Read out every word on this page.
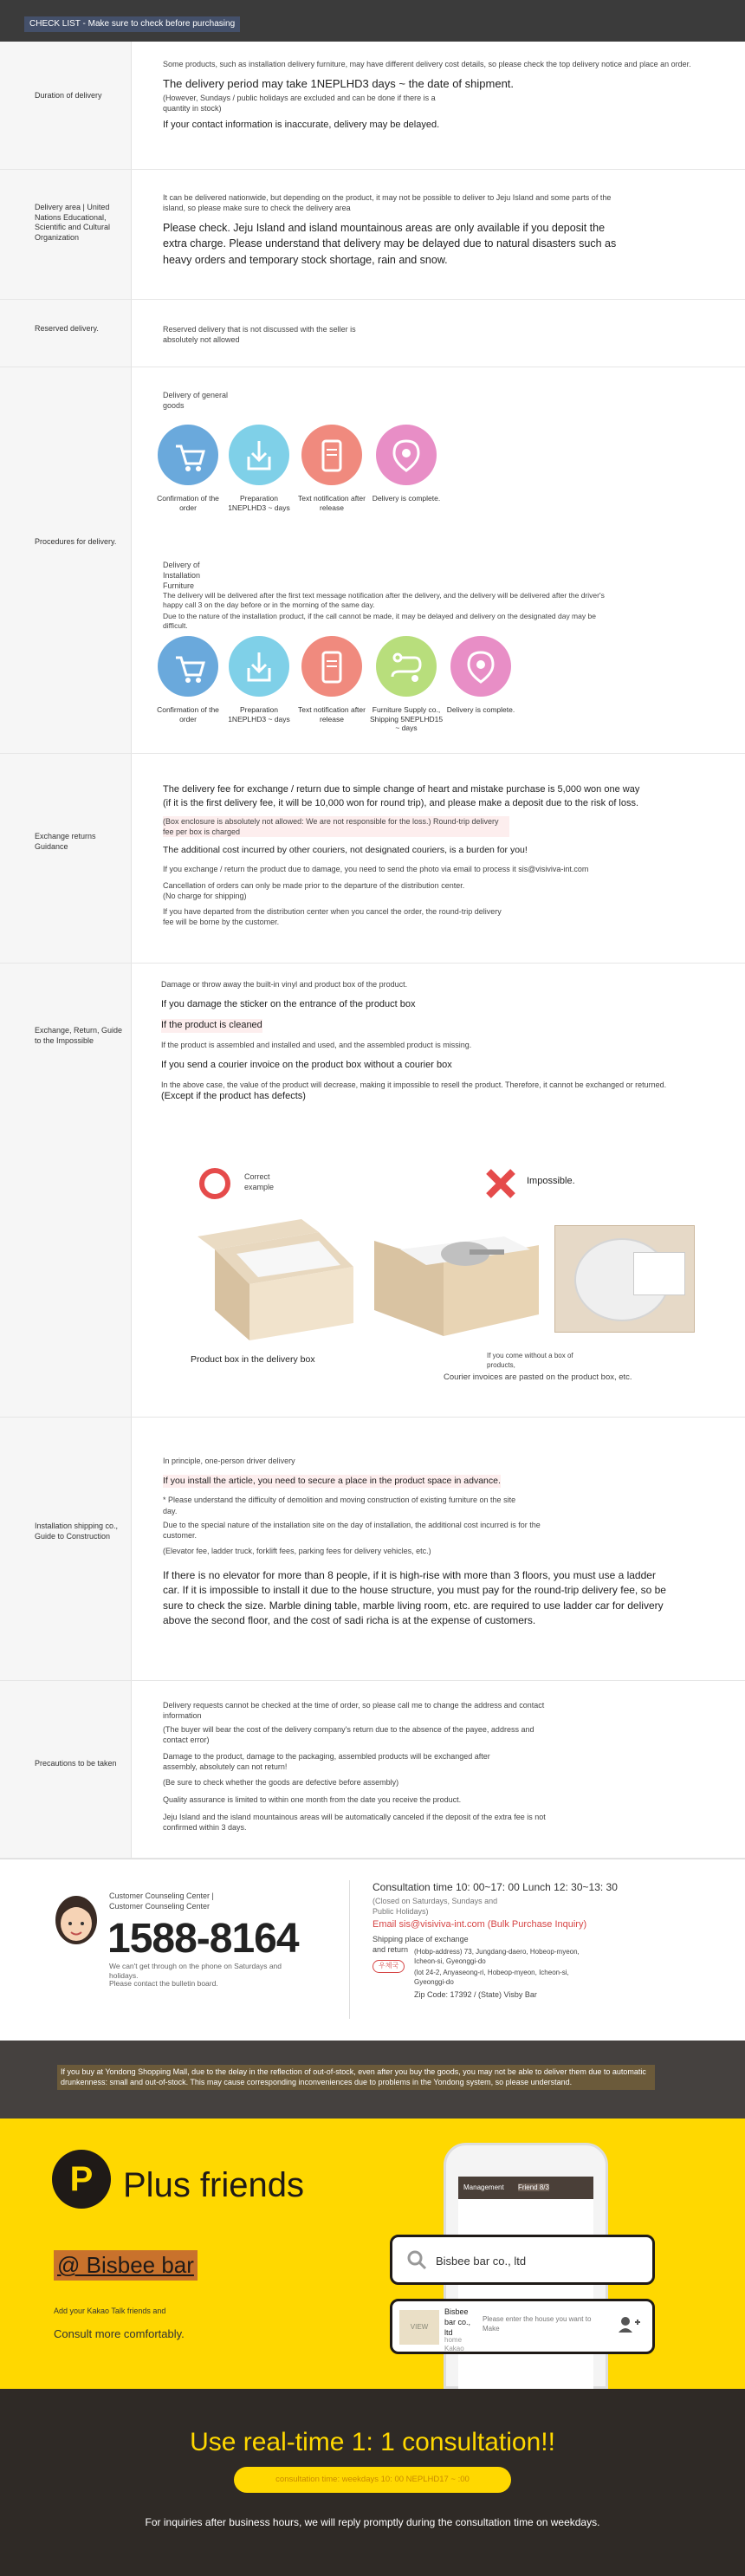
CHECK LIST - Make sure to check before purchasing
Duration of delivery
Some products, such as installation delivery furniture, may have different delivery cost details, so please check the top delivery notice and place an order.
The delivery period may take 1NEPLHD3 days ~ the date of shipment.
(However, Sundays / public holidays are excluded and can be done if there is a quantity in stock)
If your contact information is inaccurate, delivery may be delayed.
Delivery area | United Nations Educational, Scientific and Cultural Organization
It can be delivered nationwide, but depending on the product, it may not be possible to deliver to Jeju Island and some parts of the island, so please make sure to check the delivery area
Please check. Jeju Island and island mountainous areas are only available if you deposit the extra charge. Please understand that delivery may be delayed due to natural disasters such as heavy orders and temporary stock shortage, rain and snow.
Reserved delivery.	Reserved delivery that is not discussed with the seller is absolutely not allowed
Procedures for delivery.
Delivery of general goods
Delivery of Installation Furniture
The delivery will be delivered after the first text message notification after the delivery, and the delivery will be delivered after the driver's happy call 3 on the day before or in the morning of the same day.
Due to the nature of the installation product, if the call cannot be made, it may be delayed and delivery on the designated day may be difficult.
Confirmation of the order
Preparation 1NEPLHD3 ~ days
Text notification after release
Delivery is complete.
Confirmation of the order
Preparation 1NEPLHD3 ~ days
Text notification after release
Furniture Supply co., Shipping 5NEPLHD15 ~ days
Delivery is complete.
Exchange returns Guidance
The delivery fee for exchange / return due to simple change of heart and mistake purchase is 5,000 won one way (if it is the first delivery fee, it will be 10,000 won for round trip), and please make a deposit due to the risk of loss.
(Box enclosure is absolutely not allowed: We are not responsible for the loss.) Round-trip delivery fee per box is charged
The additional cost incurred by other couriers, not designated couriers, is a burden for you!
If you exchange / return the product due to damage, you need to send the photo via email to process it sis@visiviva-int.com
Cancellation of orders can only be made prior to the departure of the distribution center. (No charge for shipping)
If you have departed from the distribution center when you cancel the order, the round-trip delivery fee will be borne by the customer.
Exchange, Return, Guide to the Impossible
Damage or throw away the built-in vinyl and product box of the product.
If you damage the sticker on the entrance of the product box
If the product is cleaned
If the product is assembled and installed and used, and the assembled product is missing.
If you send a courier invoice on the product box without a courier box
In the above case, the value of the product will decrease, making it impossible to resell the product. Therefore, it cannot be exchanged or returned.
(Except if the product has defects)
Correct example
Impossible.
Product box in the delivery box	If you come without a box of products,
Courier invoices are pasted on the product box, etc.
Installation shipping co., Guide to Construction
In principle, one-person driver delivery
If you install the article, you need to secure a place in the product space in advance.
* Please understand the difficulty of demolition and moving construction of existing furniture on the site day.
Due to the special nature of the installation site on the day of installation, the additional cost incurred is for the customer.
(Elevator fee, ladder truck, forklift fees, parking fees for delivery vehicles, etc.)
If there is no elevator for more than 8 people, if it is high-rise with more than 3 floors, you must use a ladder car. If it is impossible to install it due to the house structure, you must pay for the round-trip delivery fee, so be sure to check the size. Marble dining table, marble living room, etc. are required to use ladder car for delivery above the second floor, and the cost of sadi richa is at the expense of customers.
Precautions to be taken
Delivery requests cannot be checked at the time of order, so please call me to change the address and contact information
(The buyer will bear the cost of the delivery company's return due to the absence of the payee, address and contact error)
Damage to the product, damage to the packaging, assembled products will be exchanged after assembly, absolutely can not return!
(Be sure to check whether the goods are defective before assembly)
Quality assurance is limited to within one month from the date you receive the product.
Jeju Island and the island mountainous areas will be automatically canceled if the deposit of the extra fee is not confirmed within 3 days.
Customer Counseling Center | Customer Counseling Center
1588-8164
We can't get through on the phone on Saturdays and holidays.
Please contact the bulletin board.
Consultation time 10: 00~17: 00 Lunch 12: 30~13: 30
(Closed on Saturdays, Sundays and Public Holidays)
Email sis@visiviva-int.com (Bulk Purchase Inquiry)
Shipping place of exchange and return
우체국
(Hobp-address) 73, Jungdang-daero, Hobeop-myeon, Icheon-si, Gyeonggi-do
(lot 24-2, Anyaseong-ri, Hobeop-myeon, Icheon-si, Gyeonggi-do
Zip Code: 17392 / (State) Visby Bar

If you buy at Yondong Shopping Mall, due to the delay in the reflection of out-of-stock, even after you buy the goods, you may not be able to deliver them due to automatic drunkenness: small and out-of-stock. This may cause corresponding inconveniences due to problems in the Yondong system, so please understand.

P Plus friends
@ Bisbee bar
Add your Kakao Talk friends and
Consult more comfortably.
Management Friend 8/3
Bisbee bar co., ltd
VIEW
Bisbee bar co., ltd
Please enter the house you want to Make
home
Kakao
Use real-time 1: 1 consultation!!
consultation time: weekdays 10: 00 NEPLHD17 ~ :00
For inquiries after business hours, we will reply promptly during the consultation time on weekdays.
